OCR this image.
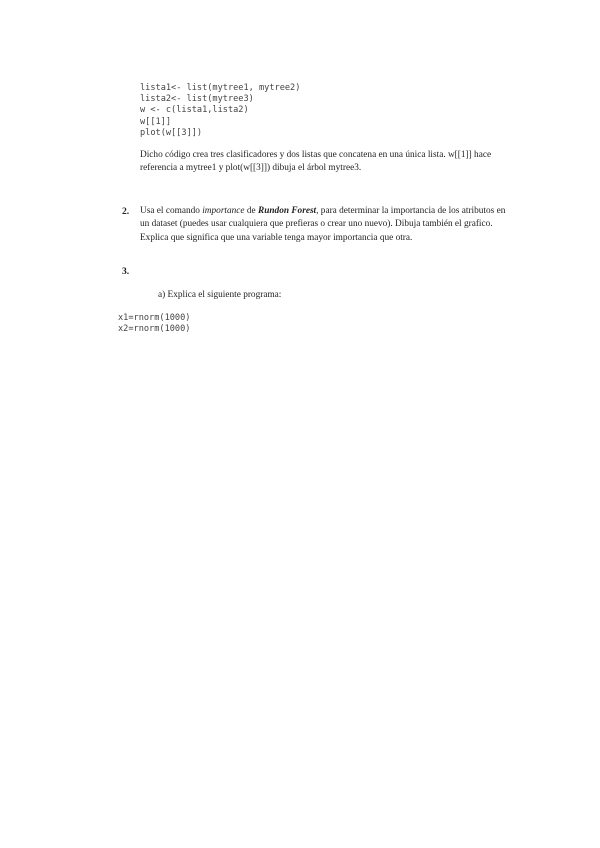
lista1<- list(mytree1, mytree2)
lista2<- list(mytree3)
w <- c(lista1,lista2)
w[[1]]
plot(w[[3]])
Dicho código crea tres clasificadores y dos listas que concatena en una única lista. w[[1]] hace
referencia a mytree1 y plot(w[[3]]) dibuja el árbol mytree3.
2. Usa el comando importance de Rundon Forest, para determinar la importancia de los atributos en un dataset (puedes usar cualquiera que prefieras o crear uno nuevo). Dibuja también el grafico. Explica que significa que una variable tenga mayor importancia que otra.
3.
a) Explica el siguiente programa:
x1=rnorm(1000)
x2=rnorm(1000)
